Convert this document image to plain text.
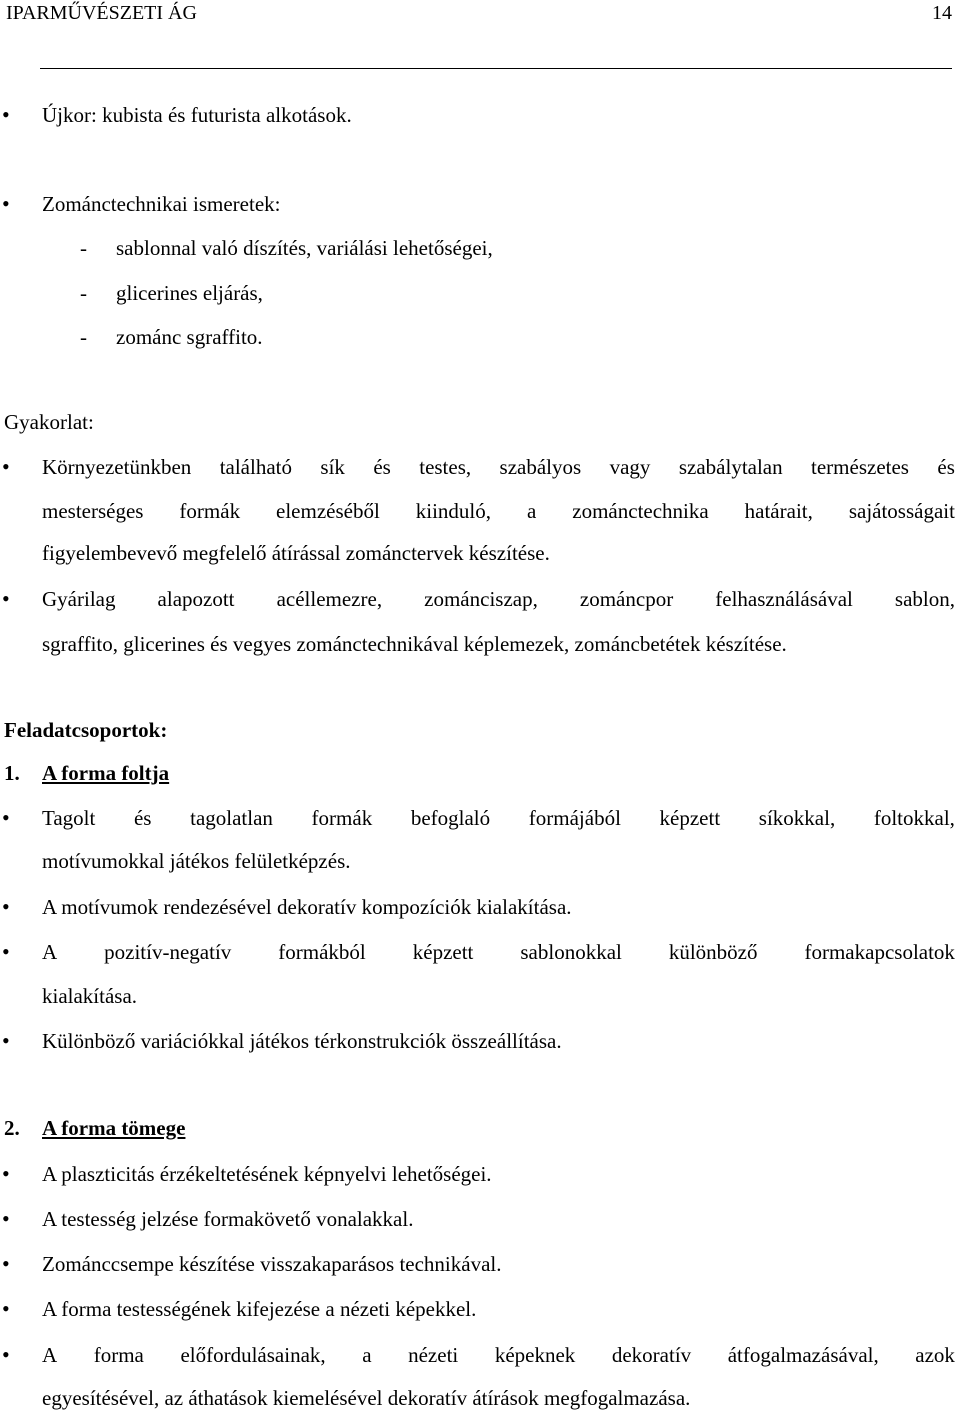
IPARMŰVÉSZETI ÁG	14
• Újkor: kubista és futurista alkotások.
• Zománctechnikai ismeretek:
- sablonnal való díszítés, variálási lehetőségei,
- glicerines eljárás,
- zománc sgraffito.
Gyakorlat:
• Környezetünkben található sík és testes, szabályos vagy szabálytalan természetes és
mesterséges formák elemzéséből kiinduló, a zománctechnika határait, sajátosságait
figyelembevevő megfelelő átírással zománctervek készítése.
• Gyárilag alapozott acéllemezre, zománciszap, zománcpor felhasználásával sablon,
sgraffito, glicerines és vegyes zománctechnikával képlemezek, zománcbetétek készítése.
Feladatcsoportok:
1. A forma foltja
• Tagolt és tagolatlan formák befoglaló formájából képzett síkokkal, foltokkal,
motívumokkal játékos felületképzés.
• A motívumok rendezésével dekoratív kompozíciók kialakítása.
• A pozitív-negatív formákból képzett sablonokkal különböző formakapcsolatok
kialakítása.
• Különböző variációkkal játékos térkonstrukciók összeállítása.
2. A forma tömege
• A plaszticitás érzékeltetésének képnyelvi lehetőségei.
• A testesség jelzése formakövető vonalakkal.
• Zománccsempe készítése visszakaparásos technikával.
• A forma testességének kifejezése a nézeti képekkel.
• A forma előfordulásainak, a nézeti képeknek dekoratív átfogalmazásával, azok
egyesítésével, az áthatások kiemelésével dekoratív átírások megfogalmazása.
